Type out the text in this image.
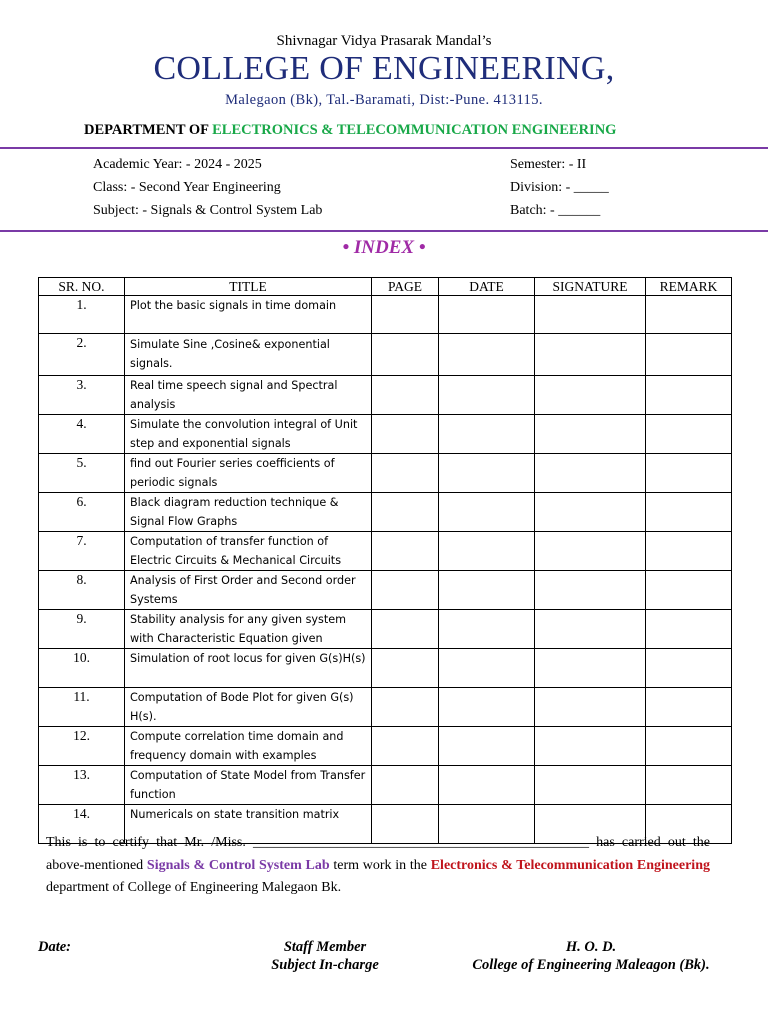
Shivnagar Vidya Prasarak Mandal’s
COLLEGE OF ENGINEERING,
Malegaon (Bk), Tal.-Baramati, Dist:-Pune. 413115.
DEPARTMENT OF ELECTRONICS & TELECOMMUNICATION ENGINEERING
Academic Year: - 2024 - 2025
Class: - Second Year Engineering
Subject: - Signals & Control System Lab
Semester: - II
Division: - _____
Batch: - ______
• INDEX •
SR. NO.	TITLE	PAGE	DATE	SIGNATURE	REMARK
1.	Plot the basic signals in time domain				
2.	Simulate Sine ,Cosine& exponential signals.				
3.	Real time speech signal and Spectral analysis				
4.	Simulate the convolution integral of Unit step and exponential signals				
5.	find out Fourier series coefficients of periodic signals				
6.	Black diagram reduction technique & Signal Flow Graphs				
7.	Computation of transfer function of Electric Circuits & Mechanical Circuits				
8.	Analysis of First Order and Second order Systems				
9.	Stability analysis for any given system with Characteristic Equation given				
10.	Simulation of root locus for given G(s)H(s)				
11.	Computation of Bode Plot for given G(s) H(s).				
12.	Compute correlation time domain and frequency domain with examples				
13.	Computation of State Model from Transfer function				
14.	Numericals on state transition matrix				
This is to certify that Mr. /Miss. ________________________________________________ has carried out the above-mentioned Signals & Control System Lab term work in the Electronics & Telecommunication Engineering department of College of Engineering Malegaon Bk.
Date:	Staff Member
Subject In-charge
H. O. D.
College of Engineering Maleagon (Bk).
